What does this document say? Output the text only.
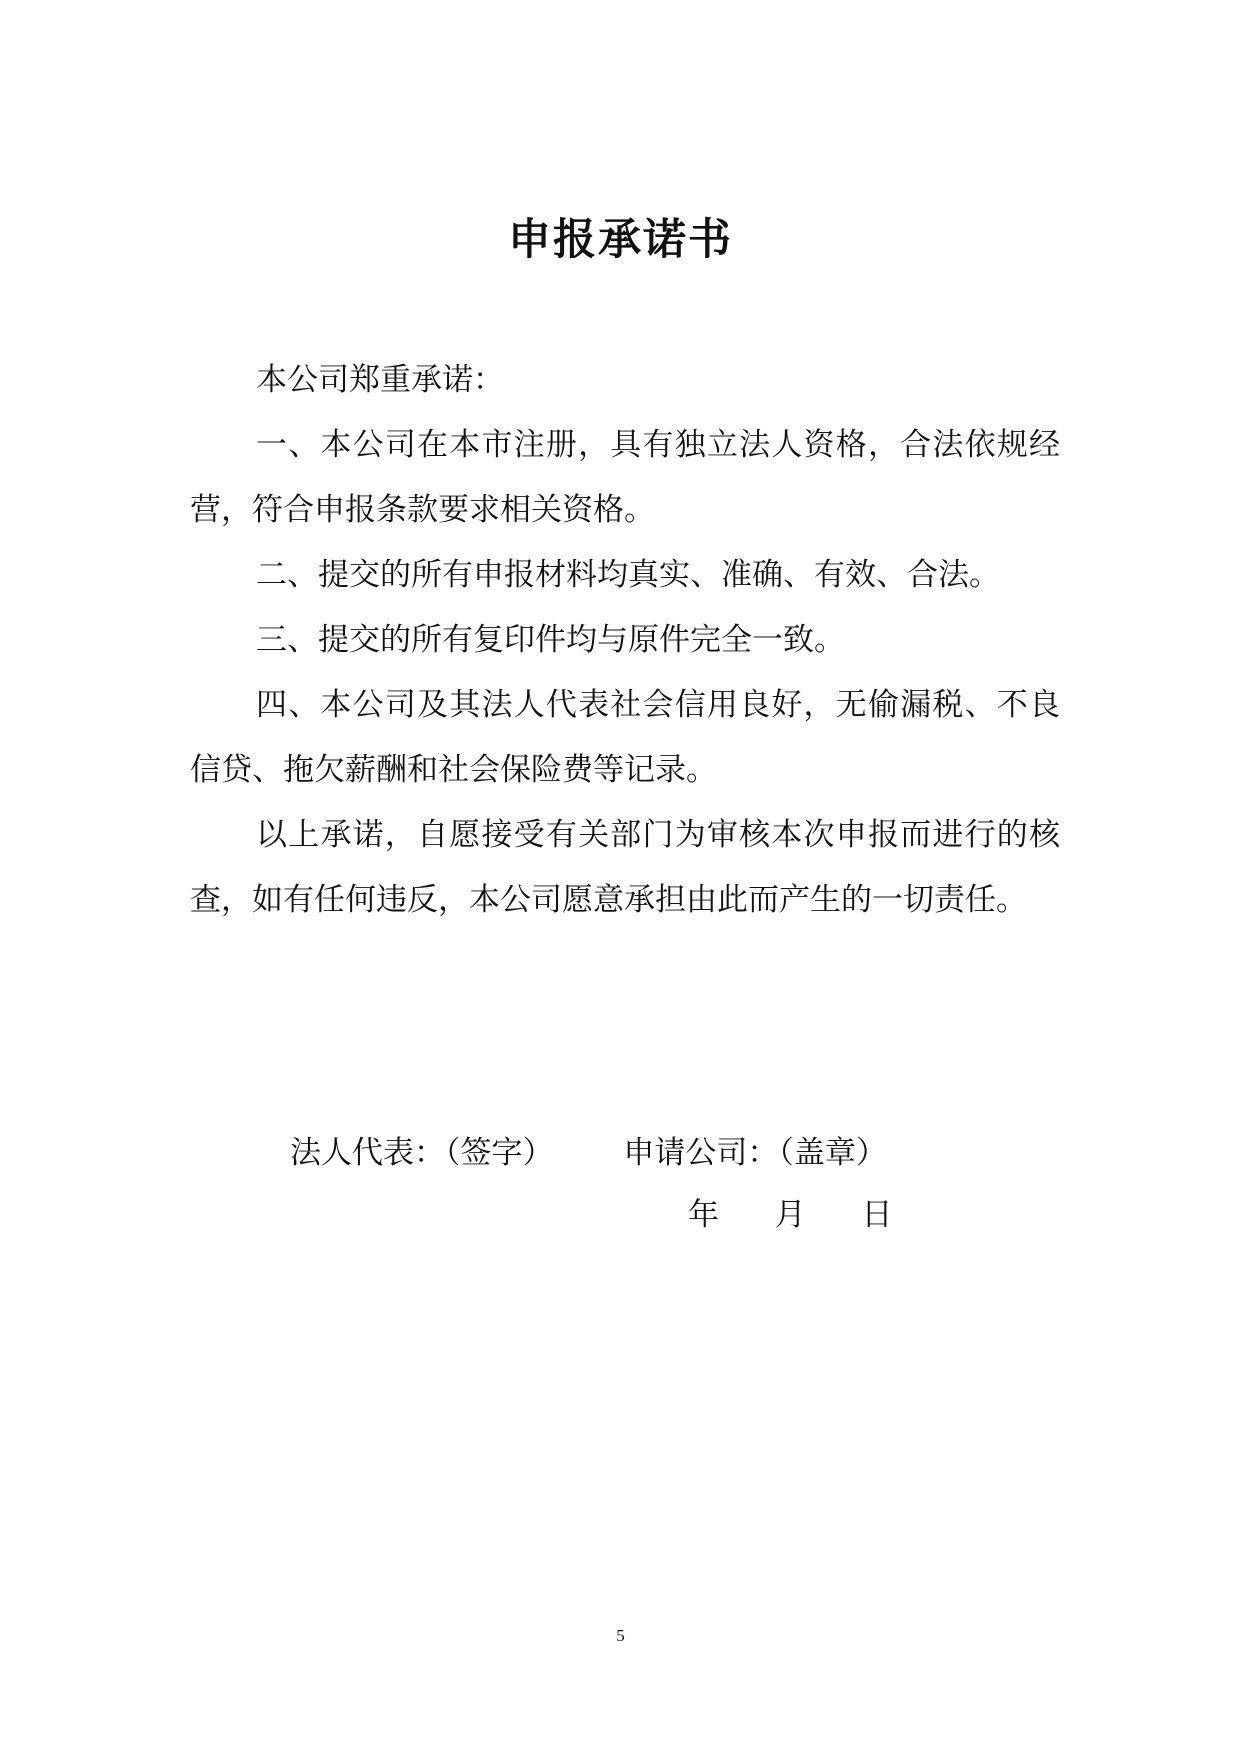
申报承诺书

本公司郑重承诺：

一、本公司在本市注册，具有独立法人资格，合法依规经营，符合申报条款要求相关资格。

二、提交的所有申报材料均真实、准确、有效、合法。

三、提交的所有复印件均与原件完全一致。

四、本公司及其法人代表社会信用良好，无偷漏税、不良信贷、拖欠薪酬和社会保险费等记录。

以上承诺，自愿接受有关部门为审核本次申报而进行的核查，如有任何违反，本公司愿意承担由此而产生的一切责任。

法人代表：（签字） 申请公司：（盖章）
年 月 日
5
